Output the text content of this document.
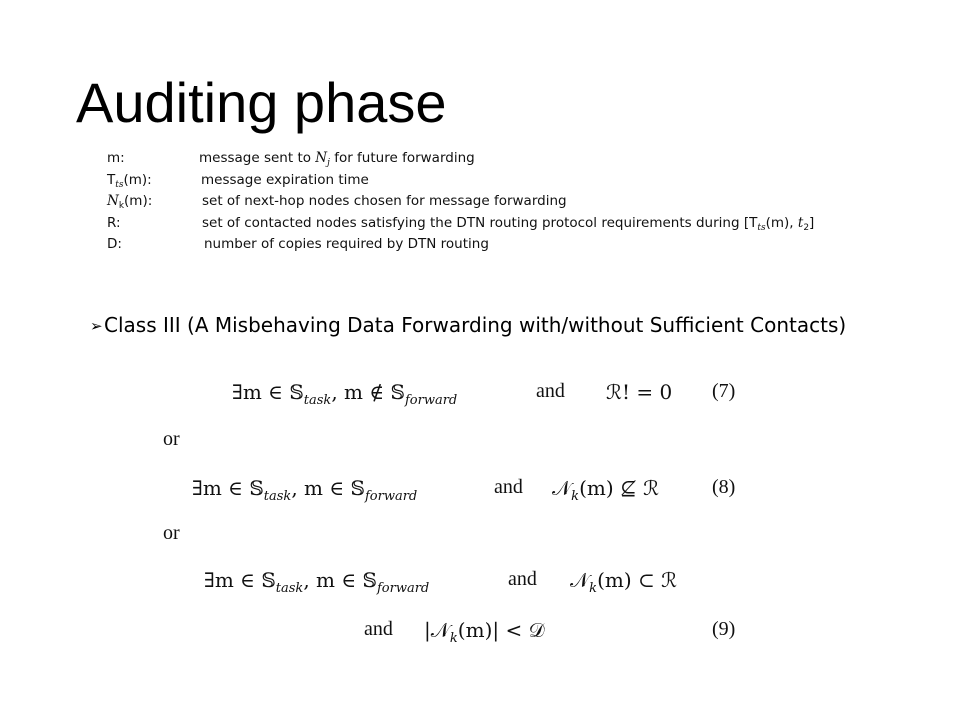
Auditing phase
m:	message sent to $N_j$ for future forwarding
$T_{ts}(m)$:	message expiration time
$N_k(m)$:	set of next-hop nodes chosen for message forwarding
R:	set of contacted nodes satisfying the DTN routing protocol requirements during [$T_{ts}(m)$, $t_2$]
D:	number of copies required by DTN routing
➢Class III (A Misbehaving Data Forwarding with/without Sufficient Contacts)
∃m ∈ 𝕊$_{task}$, m ∉ 𝕊$_{forward}$	and ℛ! = 0 (7)
or
∃m ∈ 𝕊$_{task}$, m ∈ 𝕊$_{forward}$	and 𝒩$_k$(m) ⊈ ℛ	(8)
or
∃m ∈ 𝕊$_{task}$, m ∈ 𝕊$_{forward}$	and 𝒩$_k$(m) ⊂ ℛ
and |𝒩$_k$(m)| < 𝒟	(9)
